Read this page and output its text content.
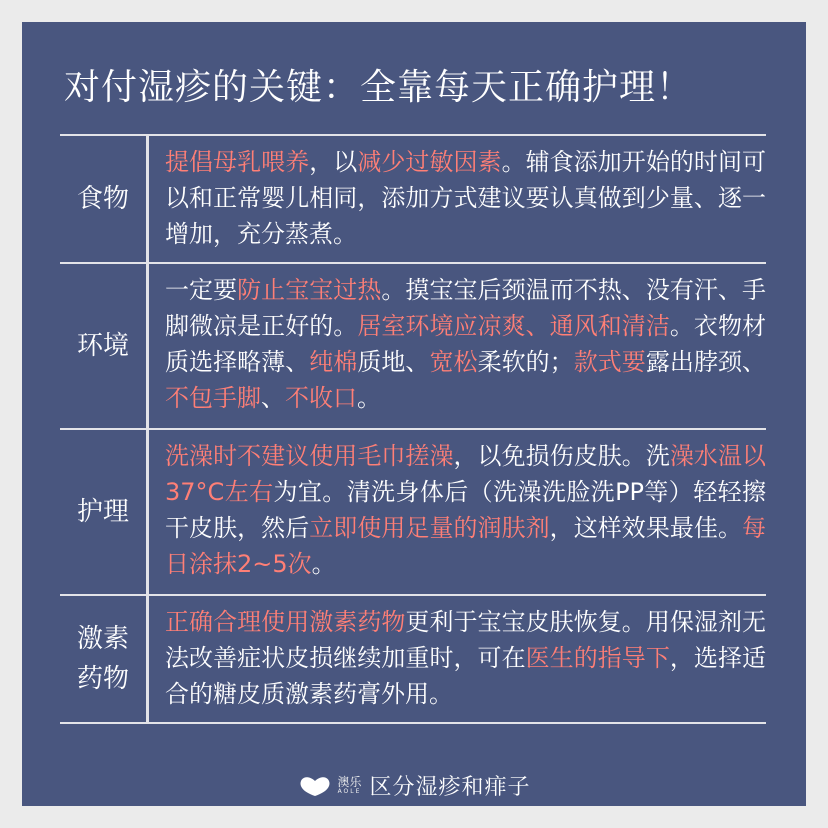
对付湿疹的关键：全靠每天正确护理！
食物
提倡母乳喂养，以减少过敏因素。辅食添加开始的时间可以和正常婴儿相同，添加方式建议要认真做到少量、逐一增加，充分蒸煮。
环境
一定要防止宝宝过热。摸宝宝后颈温而不热、没有汗、手脚微凉是正好的。居室环境应凉爽、通风和清洁。衣物材质选择略薄、纯棉质地、宽松柔软的；款式要露出脖颈、不包手脚、不收口。
护理
洗澡时不建议使用毛巾搓澡，以免损伤皮肤。洗澡水温以37°C左右为宜。清洗身体后（洗澡洗脸洗PP等）轻轻擦干皮肤，然后立即使用足量的润肤剂，这样效果最佳。每日涂抹2~5次。
激素
药物
正确合理使用激素药物更利于宝宝皮肤恢复。用保湿剂无法改善症状皮损继续加重时，可在医生的指导下，选择适合的糖皮质激素药膏外用。
澳乐
AOLE 区分湿疹和痱子
